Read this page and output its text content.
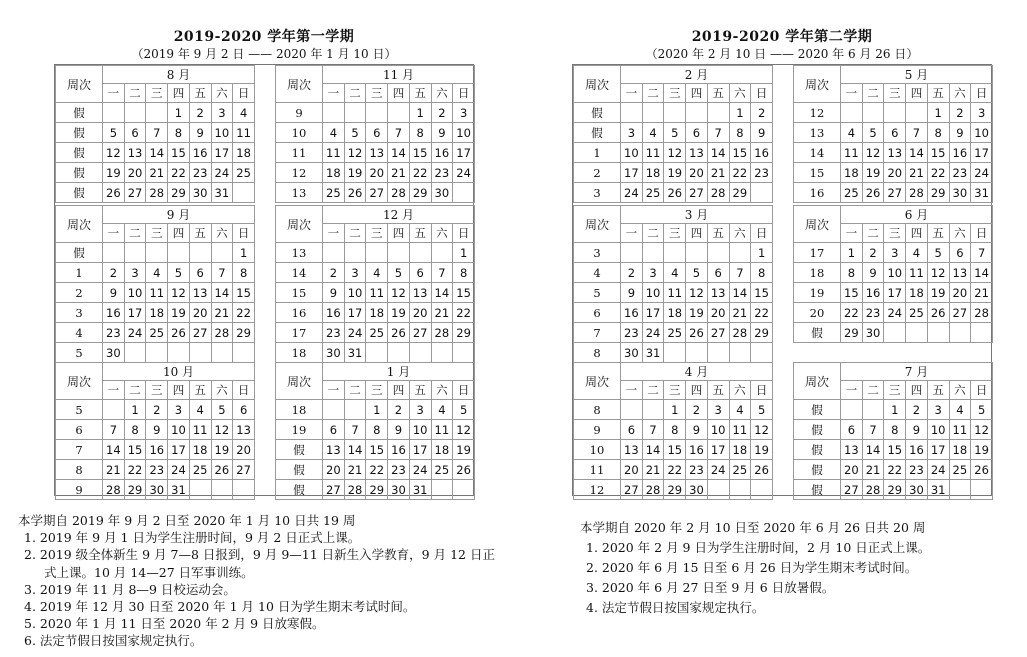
2019-2020 学年第一学期
（2019 年 9 月 2 日 —— 2020 年 1 月 10 日）
周次	8 月						
	一	二	三	四	五	六	日
假				1	2	3	4
假	5	6	7	8	9	10	11
假	12	13	14	15	16	17	18
假	19	20	21	22	23	24	25
假	26	27	28	29	30	31	
周次	9 月						
	一	二	三	四	五	六	日
假							1
1	2	3	4	5	6	7	8
2	9	10	11	12	13	14	15
3	16	17	18	19	20	21	22
4	23	24	25	26	27	28	29
5	30						
周次	10 月						
	一	二	三	四	五	六	日
5		1	2	3	4	5	6
6	7	8	9	10	11	12	13
7	14	15	16	17	18	19	20
8	21	22	23	24	25	26	27
9	28	29	30	31			
周次	11 月						
	一	二	三	四	五	六	日
9					1	2	3
10	4	5	6	7	8	9	10
11	11	12	13	14	15	16	17
12	18	19	20	21	22	23	24
13	25	26	27	28	29	30	
周次	12 月						
	一	二	三	四	五	六	日
13							1
14	2	3	4	5	6	7	8
15	9	10	11	12	13	14	15
16	16	17	18	19	20	21	22
17	23	24	25	26	27	28	29
18	30	31					
周次	1 月						
	一	二	三	四	五	六	日
18			1	2	3	4	5
19	6	7	8	9	10	11	12
假	13	14	15	16	17	18	19
假	20	21	22	23	24	25	26
假	27	28	29	30	31		
2019-2020 学年第二学期
（2020 年 2 月 10 日 —— 2020 年 6 月 26 日）
周次	2 月						
	一	二	三	四	五	六	日
假						1	2
假	3	4	5	6	7	8	9
1	10	11	12	13	14	15	16
2	17	18	19	20	21	22	23
3	24	25	26	27	28	29	
周次	3 月						
	一	二	三	四	五	六	日
3							1
4	2	3	4	5	6	7	8
5	9	10	11	12	13	14	15
6	16	17	18	19	20	21	22
7	23	24	25	26	27	28	29
8	30	31					
周次	4 月						
	一	二	三	四	五	六	日
8			1	2	3	4	5
9	6	7	8	9	10	11	12
10	13	14	15	16	17	18	19
11	20	21	22	23	24	25	26
12	27	28	29	30			
周次	5 月						
	一	二	三	四	五	六	日
12					1	2	3
13	4	5	6	7	8	9	10
14	11	12	13	14	15	16	17
15	18	19	20	21	22	23	24
16	25	26	27	28	29	30	31
周次	6 月						
	一	二	三	四	五	六	日
17	1	2	3	4	5	6	7
18	8	9	10	11	12	13	14
19	15	16	17	18	19	20	21
20	22	23	24	25	26	27	28
假	29	30					
周次	7 月						
	一	二	三	四	五	六	日
假			1	2	3	4	5
假	6	7	8	9	10	11	12
假	13	14	15	16	17	18	19
假	20	21	22	23	24	25	26
假	27	28	29	30	31		
本学期自 2019 年 9 月 2 日至 2020 年 1 月 10 日共 19 周
1. 2019 年 9 月 1 日为学生注册时间，9 月 2 日正式上课。
2. 2019 级全体新生 9 月 7—8 日报到，9 月 9—11 日新生入学教育，9 月 12 日正
式上课。10 月 14—27 日军事训练。
3. 2019 年 11 月 8—9 日校运动会。
4. 2019 年 12 月 30 日至 2020 年 1 月 10 日为学生期末考试时间。
5. 2020 年 1 月 11 日至 2020 年 2 月 9 日放寒假。
6. 法定节假日按国家规定执行。
本学期自 2020 年 2 月 10 日至 2020 年 6 月 26 日共 20 周
1. 2020 年 2 月 9 日为学生注册时间，2 月 10 日正式上课。
2. 2020 年 6 月 15 日至 6 月 26 日为学生期末考试时间。
3. 2020 年 6 月 27 日至 9 月 6 日放暑假。
4. 法定节假日按国家规定执行。
